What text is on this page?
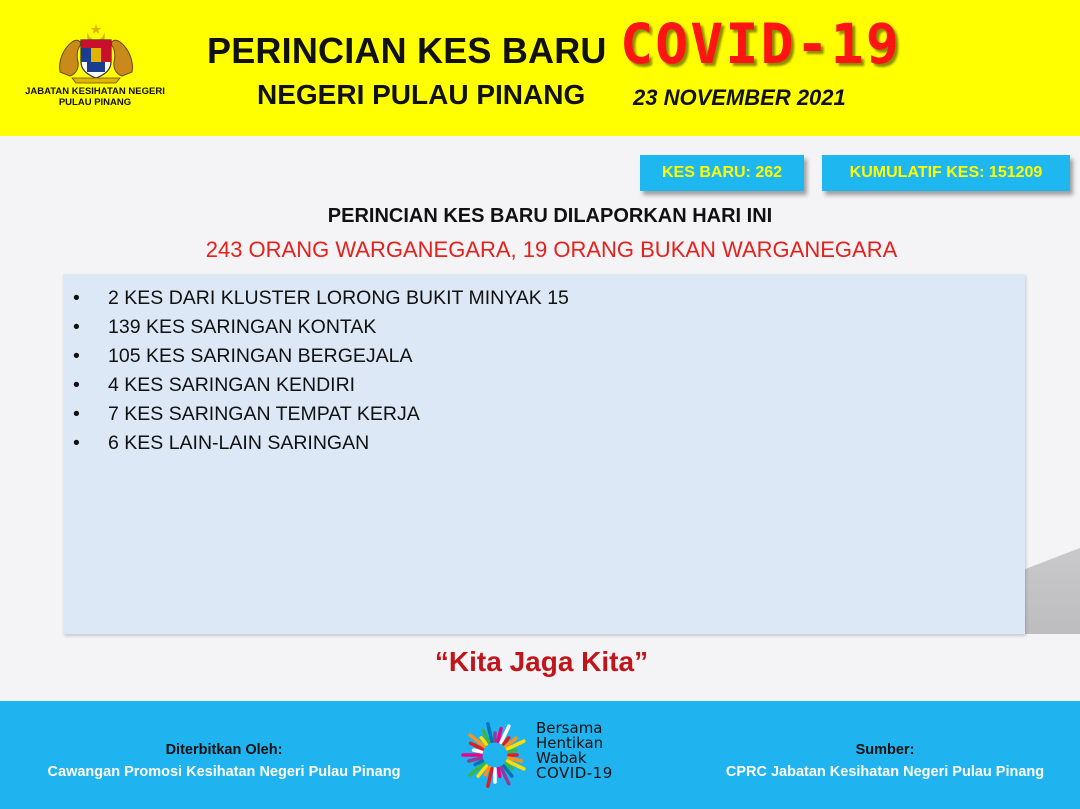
JABATAN KESIHATAN NEGERI
PULAU PINANG
PERINCIAN KES BARU COVID-19
NEGERI PULAU PINANG 23 NOVEMBER 2021
KES BARU: 262	KUMULATIF KES: 151209
PERINCIAN KES BARU DILAPORKAN HARI INI
243 ORANG WARGANEGARA, 19 ORANG BUKAN WARGANEGARA
• 2 KES DARI KLUSTER LORONG BUKIT MINYAK 15
• 139 KES SARINGAN KONTAK
• 105 KES SARINGAN BERGEJALA
• 4 KES SARINGAN KENDIRI
• 7 KES SARINGAN TEMPAT KERJA
• 6 KES LAIN-LAIN SARINGAN
“Kita Jaga Kita”
Diterbitkan Oleh:
Cawangan Promosi Kesihatan Negeri Pulau Pinang
Bersama
Hentikan
Wabak
COVID-19
Sumber:
CPRC Jabatan Kesihatan Negeri Pulau Pinang
